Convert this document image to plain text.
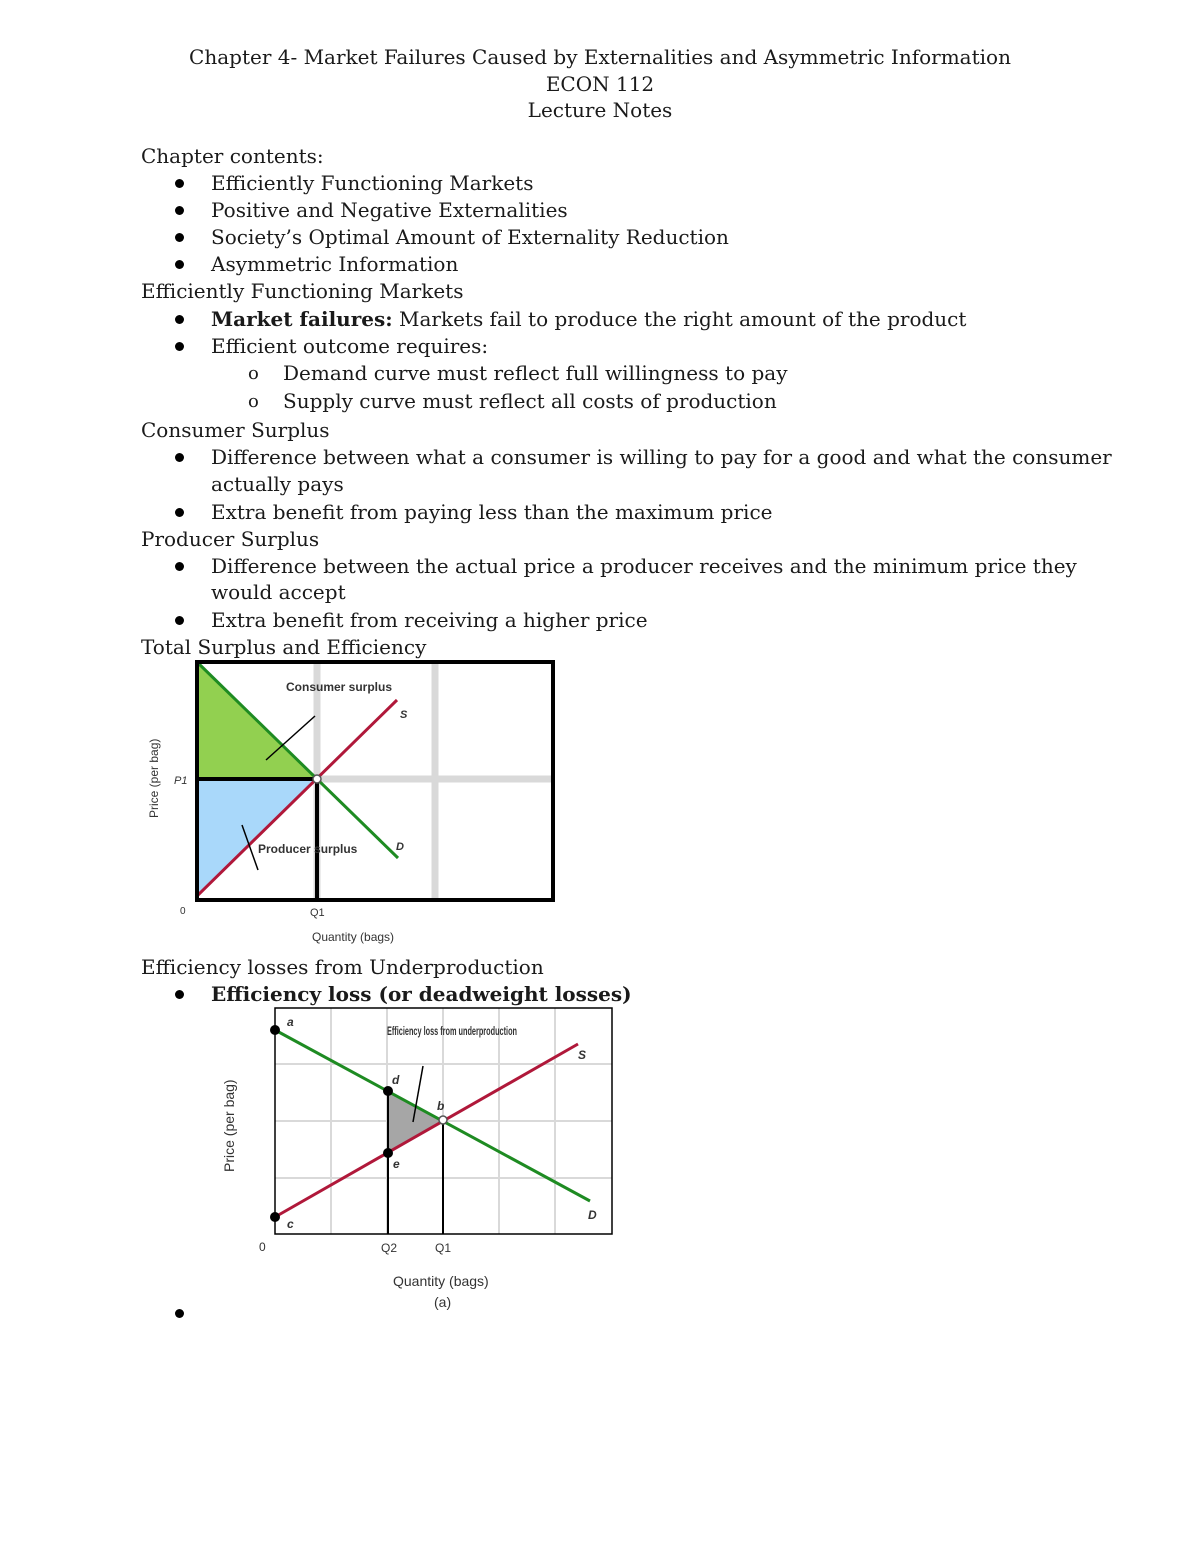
Chapter 4- Market Failures Caused by Externalities and Asymmetric Information
ECON 112
Lecture Notes
Chapter contents:
Efficiently Functioning Markets
Positive and Negative Externalities
Society’s Optimal Amount of Externality Reduction
Asymmetric Information
Efficiently Functioning Markets
Market failures: Markets fail to produce the right amount of the product
Efficient outcome requires:
o Demand curve must reflect full willingness to pay
o Supply curve must reflect all costs of production
Consumer Surplus
Difference between what a consumer is willing to pay for a good and what the consumer
actually pays
Extra benefit from paying less than the maximum price
Producer Surplus
Difference between the actual price a producer receives and the minimum price they
would accept
Extra benefit from receiving a higher price
Total Surplus and Efficiency
Consumer surplus
Producer surplus
S
D
P1
0	Q1
Quantity (bags)
Price (per bag)
Efficiency losses from Underproduction
Efficiency loss (or deadweight losses)
Efficiency loss from underproduction
S
D
a
b
c
d
e
0	Q2	Q1
Quantity (bags)
(a)
Price (per bag)
